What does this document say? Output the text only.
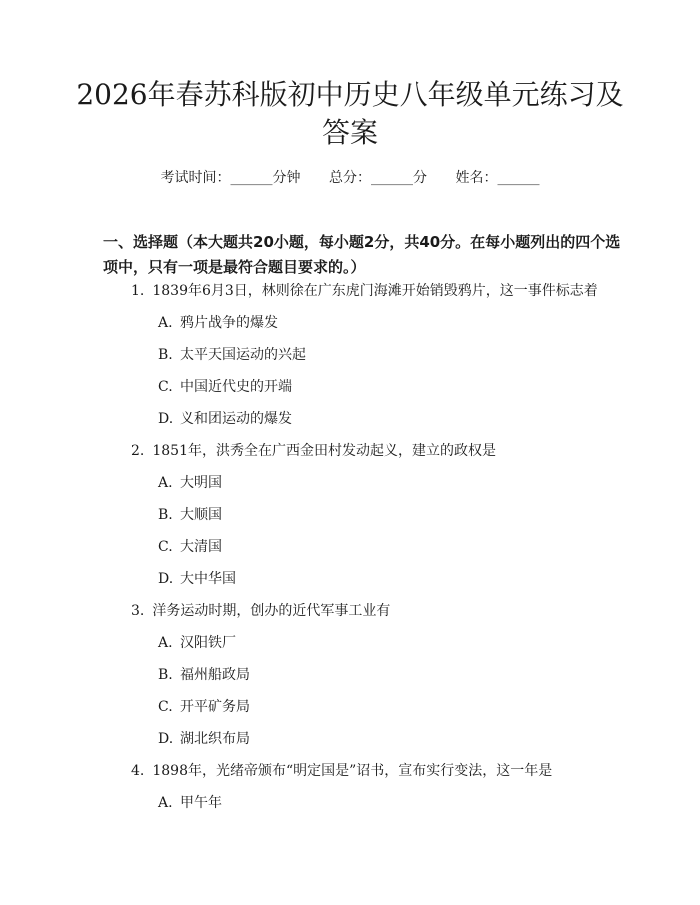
2026年春苏科版初中历史八年级单元练习及
答案
考试时间：______分钟 总分：______分 姓名：______
一、选择题（本大题共20小题，每小题2分，共40分。在每小题列出的四个选
项中，只有一项是最符合题目要求的。）
1. 1839年6月3日，林则徐在广东虎门海滩开始销毁鸦片，这一事件标志着
A. 鸦片战争的爆发
B. 太平天国运动的兴起
C. 中国近代史的开端
D. 义和团运动的爆发
2. 1851年，洪秀全在广西金田村发动起义，建立的政权是
A. 大明国
B. 大顺国
C. 大清国
D. 大中华国
3. 洋务运动时期，创办的近代军事工业有
A. 汉阳铁厂
B. 福州船政局
C. 开平矿务局
D. 湖北织布局
4. 1898年，光绪帝颁布“明定国是”诏书，宣布实行变法，这一年是
A. 甲午年
